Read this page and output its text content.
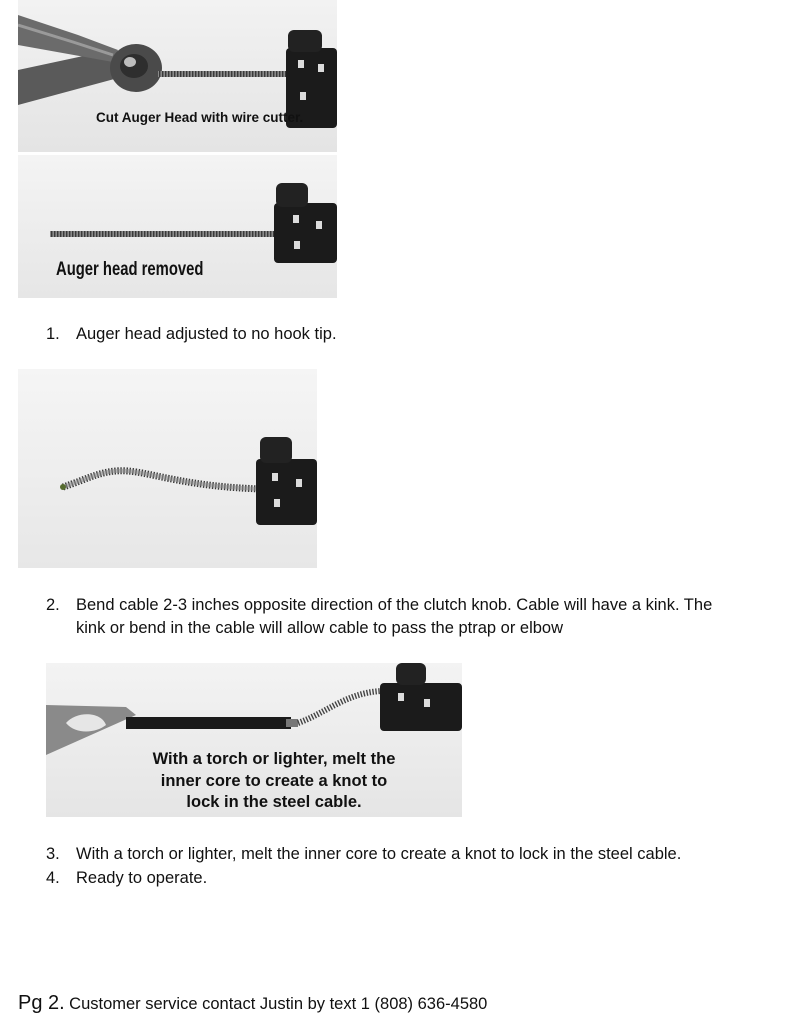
Cut Auger Head with wire cutter.
Auger head removed
1. Auger head adjusted to no hook tip.
2. Bend cable 2-3 inches opposite direction of the clutch knob. Cable will have a kink. The
kink or bend in the cable will allow cable to pass the ptrap or elbow
With a torch or lighter, melt the
inner core to create a knot to
lock in the steel cable.
3. With a torch or lighter, melt the inner core to create a knot to lock in the steel cable.
4. Ready to operate.
Pg 2. Customer service contact Justin by text 1 (808) 636-4580
